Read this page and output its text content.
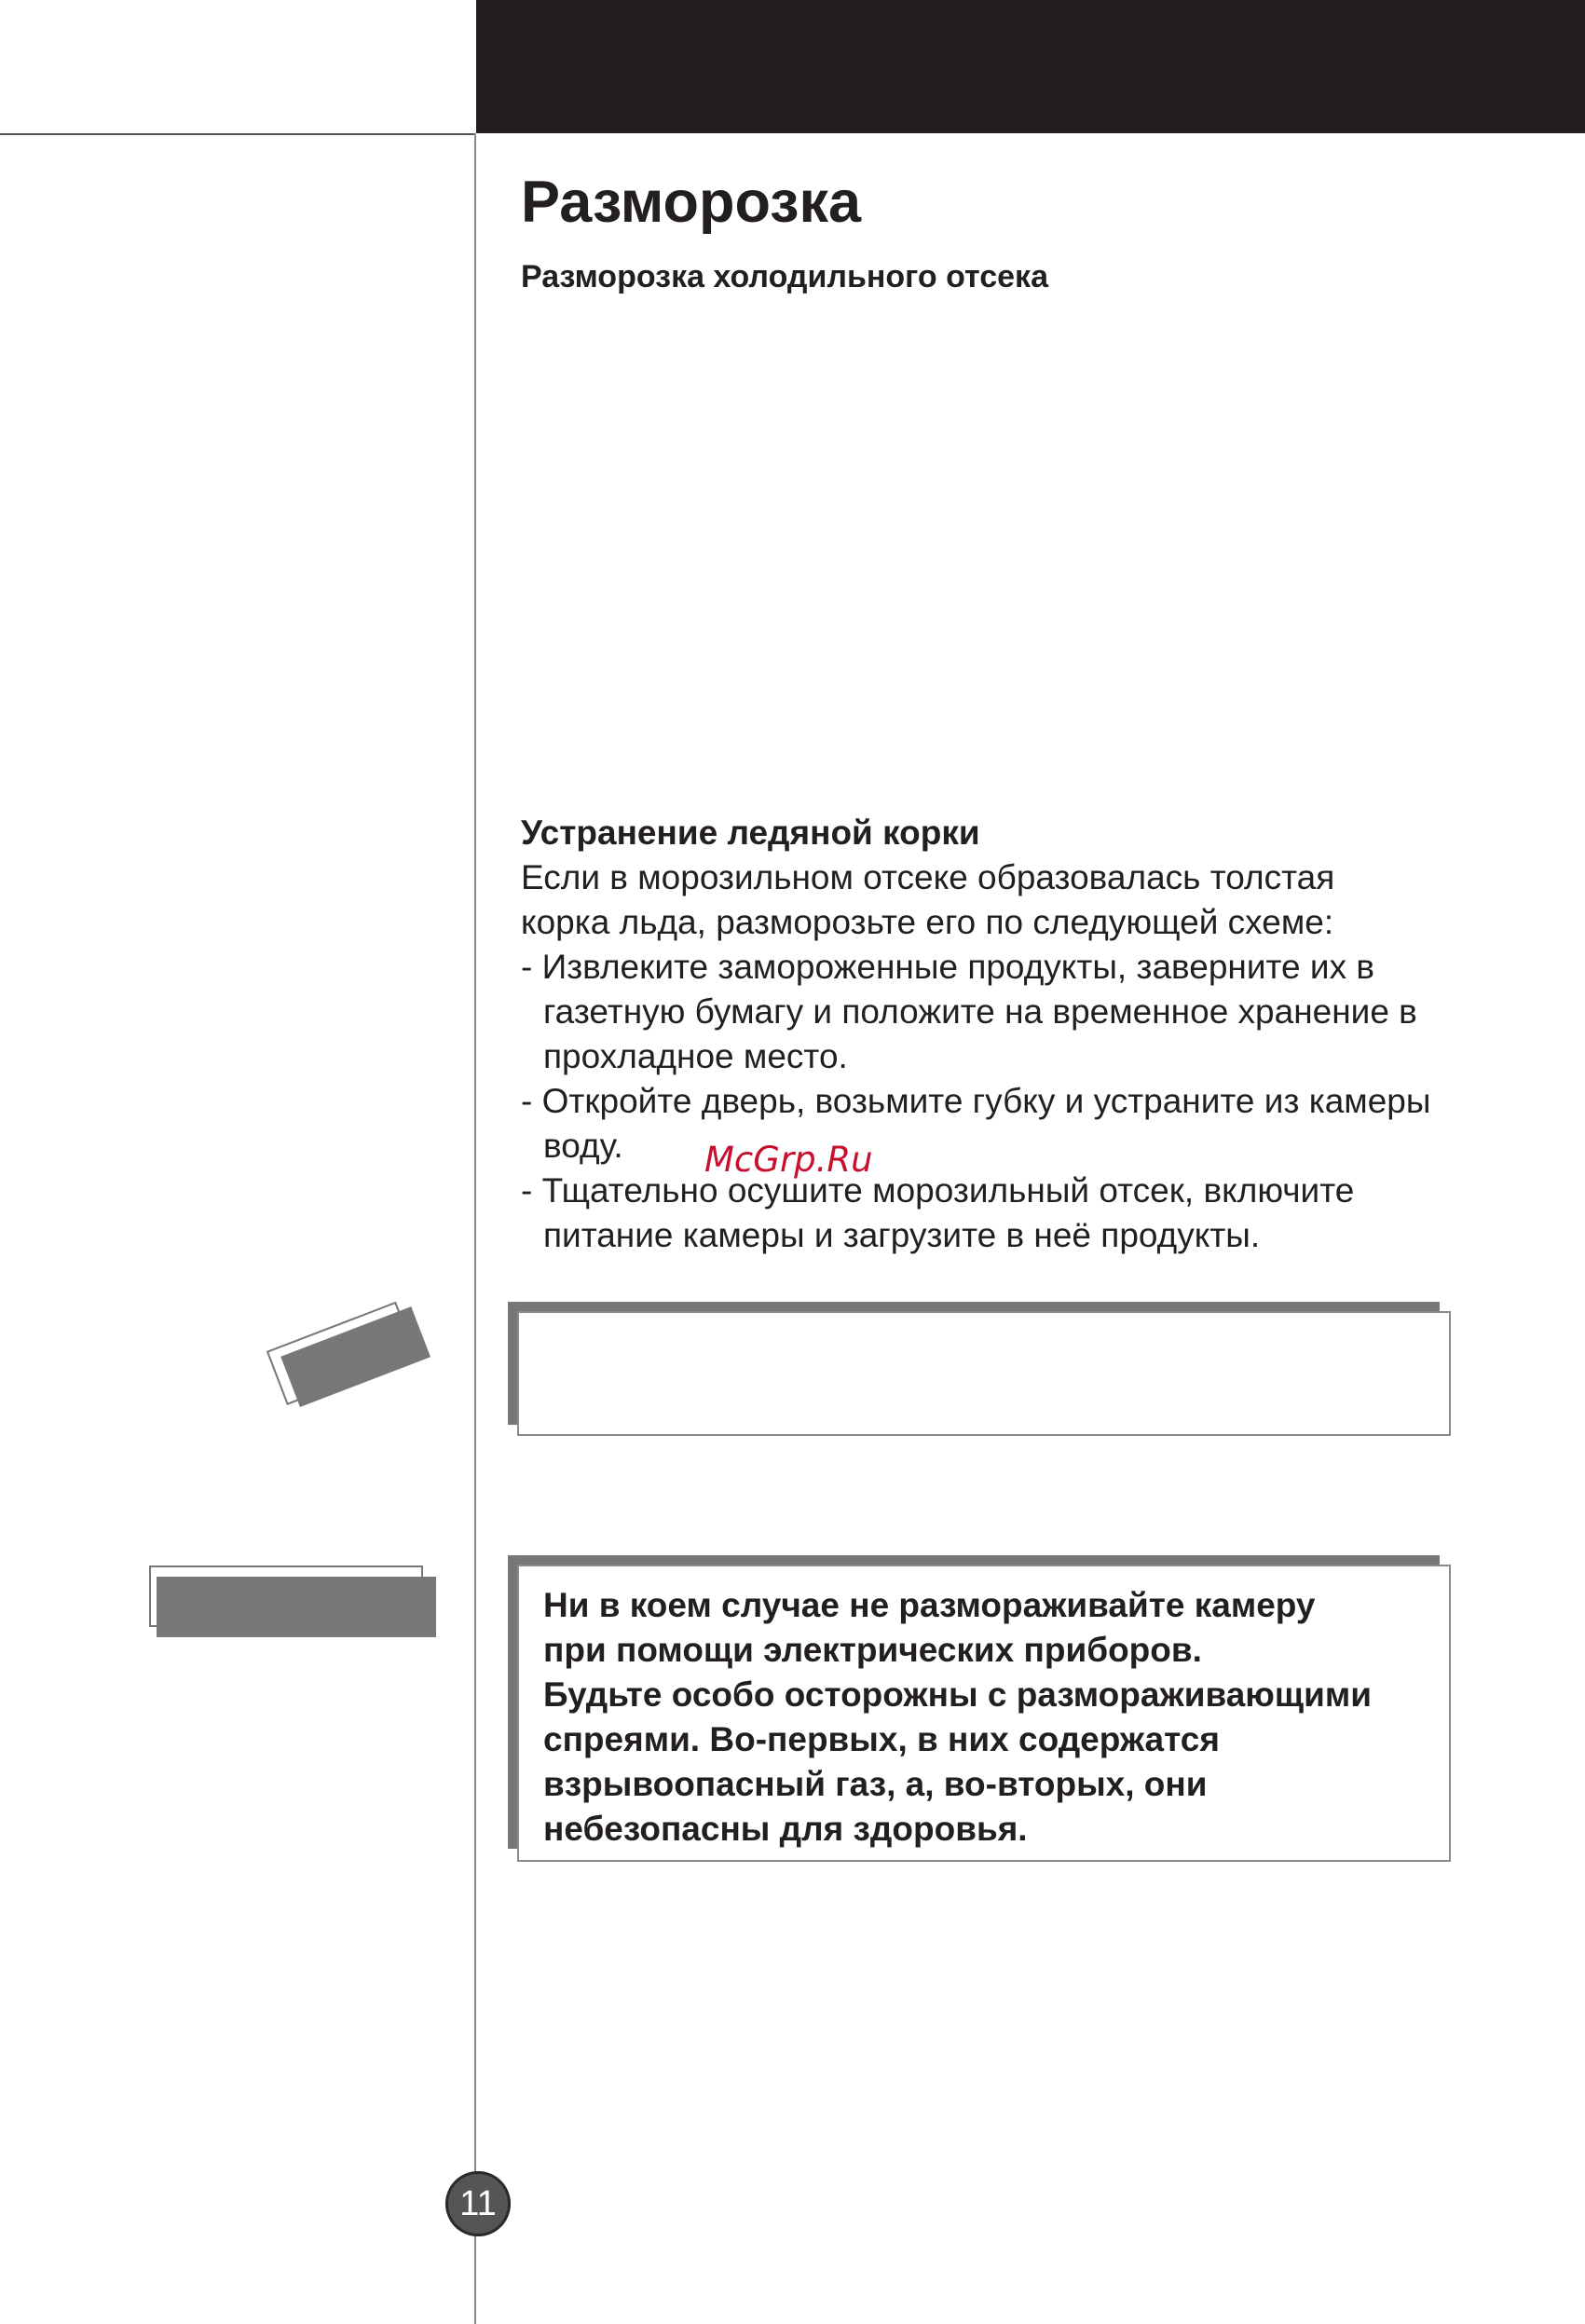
Разморозка
Разморозка холодильного отсека
Устранение ледяной корки
Если в морозильном отсеке образовалась толстая
корка льда, разморозьте его по следующей схеме:
- Извлеките замороженные продукты, заверните их в газетную бумагу и положите на временное хранение в прохладное место.
- Откройте дверь, возьмите губку и устраните из камеры воду.
- Тщательно осушите морозильный отсек, включите питание камеры и загрузите в неё продукты.
McGrp.Ru
Ни в коем случае не размораживайте камеру
при помощи электрических приборов.
Будьте особо осторожны с размораживающими
спреями. Во-первых, в них содержатся
взрывоопасный газ, а, во-вторых, они
небезопасны для здоровья.
11
